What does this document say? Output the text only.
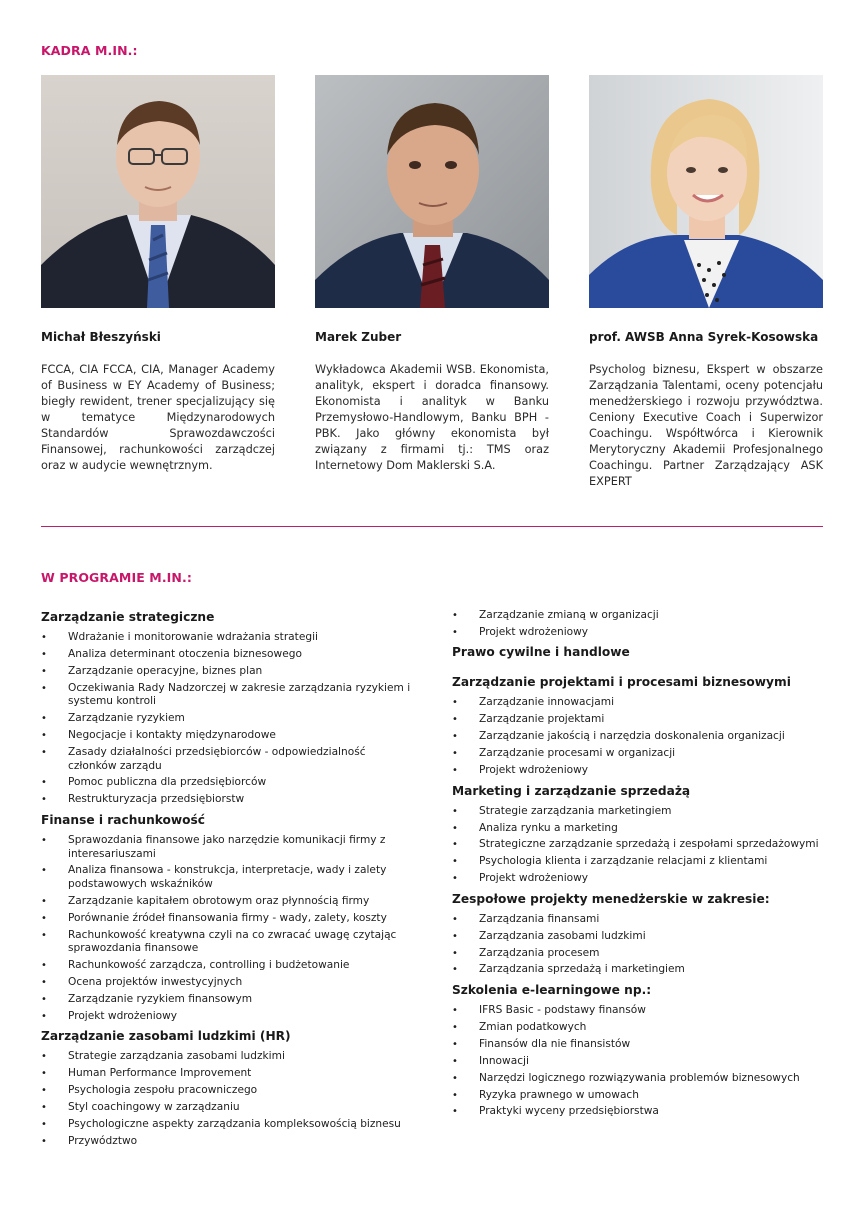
KADRA M.IN.:
Michał Błeszyński	Marek Zuber	prof. AWSB Anna Syrek-Kosowska

FCCA, CIA FCCA, CIA, Manager Academy of Business w EY Academy of Business; biegły rewident, trener specjalizujący się w tematyce Międzynarodowych Standardów Sprawozdawczości Finansowej, rachunkowości zarządczej oraz w audycie wewnętrznym.

Wykładowca Akademii WSB. Ekonomista, analityk, ekspert i doradca finansowy. Ekonomista i analityk w Banku Przemysłowo-Handlowym, Banku BPH - PBK. Jako główny ekonomista był związany z firmami tj.: TMS oraz Internetowy Dom Maklerski S.A.

Psycholog biznesu, Ekspert w obszarze Zarządzania Talentami, oceny potencjału menedżerskiego i rozwoju przywództwa. Ceniony Executive Coach i Superwizor Coachingu. Współtwórca i Kierownik Merytoryczny Akademii Profesjonalnego Coachingu. Partner Zarządzający ASK EXPERT

W PROGRAMIE M.IN.:
Zarządzanie strategiczne
• Wdrażanie i monitorowanie wdrażania strategii
• Analiza determinant otoczenia biznesowego
• Zarządzanie operacyjne, biznes plan
• Oczekiwania Rady Nadzorczej w zakresie zarządzania ryzykiem i systemu kontroli
• Zarządzanie ryzykiem
• Negocjacje i kontakty międzynarodowe
• Zasady działalności przedsiębiorców - odpowiedzialność członków zarządu
• Pomoc publiczna dla przedsiębiorców
• Restrukturyzacja przedsiębiorstw
Finanse i rachunkowość
• Sprawozdania finansowe jako narzędzie komunikacji firmy z interesariuszami
• Analiza finansowa - konstrukcja, interpretacje, wady i zalety podstawowych wskaźników
• Zarządzanie kapitałem obrotowym oraz płynnością firmy
• Porównanie źródeł finansowania firmy - wady, zalety, koszty
• Rachunkowość kreatywna czyli na co zwracać uwagę czytając sprawozdania finansowe
• Rachunkowość zarządcza, controlling i budżetowanie
• Ocena projektów inwestycyjnych
• Zarządzanie ryzykiem finansowym
• Projekt wdrożeniowy
Zarządzanie zasobami ludzkimi (HR)
• Strategie zarządzania zasobami ludzkimi
• Human Performance Improvement
• Psychologia zespołu pracowniczego
• Styl coachingowy w zarządzaniu
• Psychologiczne aspekty zarządzania kompleksowością biznesu
• Przywództwo
• Zarządzanie zmianą w organizacji
• Projekt wdrożeniowy
Prawo cywilne i handlowe
Zarządzanie projektami i procesami biznesowymi
• Zarządzanie innowacjami
• Zarządzanie projektami
• Zarządzanie jakością i narzędzia doskonalenia organizacji
• Zarządzanie procesami w organizacji
• Projekt wdrożeniowy
Marketing i zarządzanie sprzedażą
• Strategie zarządzania marketingiem
• Analiza rynku a marketing
• Strategiczne zarządzanie sprzedażą i zespołami sprzedażowymi
• Psychologia klienta i zarządzanie relacjami z klientami
• Projekt wdrożeniowy
Zespołowe projekty menedżerskie w zakresie:
• Zarządzania finansami
• Zarządzania zasobami ludzkimi
• Zarządzania procesem
• Zarządzania sprzedażą i marketingiem
Szkolenia e-learningowe np.:
• IFRS Basic - podstawy finansów
• Zmian podatkowych
• Finansów dla nie finansistów
• Innowacji
• Narzędzi logicznego rozwiązywania problemów biznesowych
• Ryzyka prawnego w umowach
• Praktyki wyceny przedsiębiorstwa
